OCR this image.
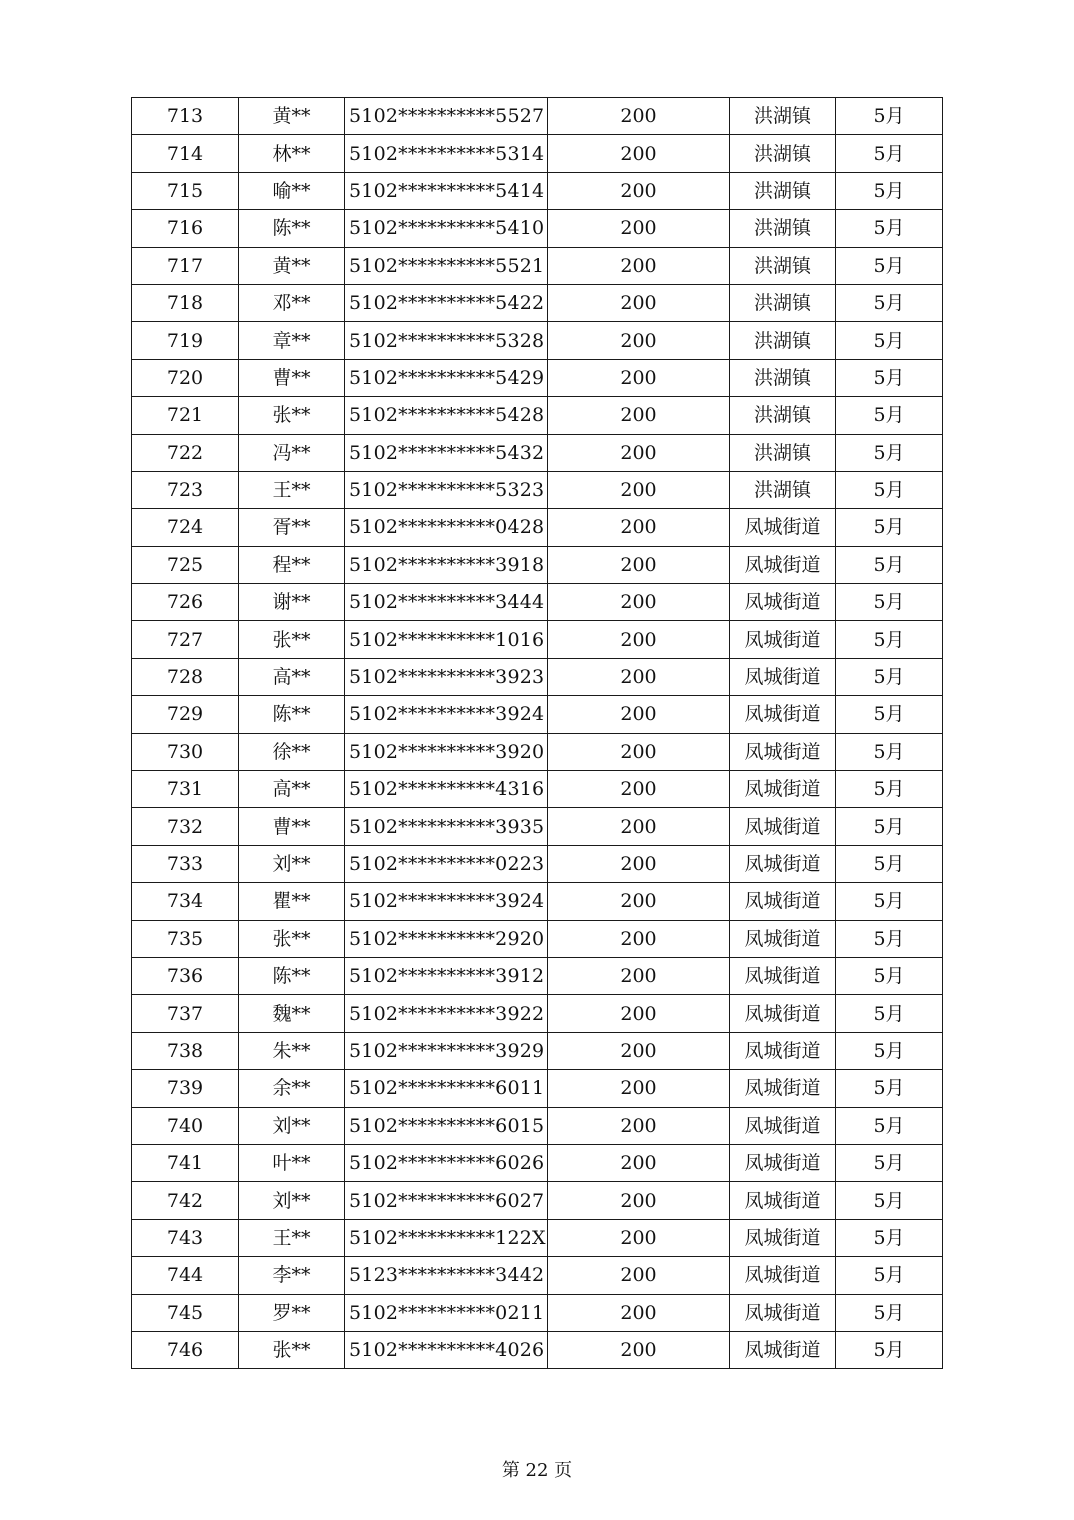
713	黄**	5102**********5527	200	洪湖镇	5月
714	林**	5102**********5314	200	洪湖镇	5月
715	喻**	5102**********5414	200	洪湖镇	5月
716	陈**	5102**********5410	200	洪湖镇	5月
717	黄**	5102**********5521	200	洪湖镇	5月
718	邓**	5102**********5422	200	洪湖镇	5月
719	章**	5102**********5328	200	洪湖镇	5月
720	曹**	5102**********5429	200	洪湖镇	5月
721	张**	5102**********5428	200	洪湖镇	5月
722	冯**	5102**********5432	200	洪湖镇	5月
723	王**	5102**********5323	200	洪湖镇	5月
724	胥**	5102**********0428	200	凤城街道	5月
725	程**	5102**********3918	200	凤城街道	5月
726	谢**	5102**********3444	200	凤城街道	5月
727	张**	5102**********1016	200	凤城街道	5月
728	高**	5102**********3923	200	凤城街道	5月
729	陈**	5102**********3924	200	凤城街道	5月
730	徐**	5102**********3920	200	凤城街道	5月
731	高**	5102**********4316	200	凤城街道	5月
732	曹**	5102**********3935	200	凤城街道	5月
733	刘**	5102**********0223	200	凤城街道	5月
734	瞿**	5102**********3924	200	凤城街道	5月
735	张**	5102**********2920	200	凤城街道	5月
736	陈**	5102**********3912	200	凤城街道	5月
737	魏**	5102**********3922	200	凤城街道	5月
738	朱**	5102**********3929	200	凤城街道	5月
739	余**	5102**********6011	200	凤城街道	5月
740	刘**	5102**********6015	200	凤城街道	5月
741	叶**	5102**********6026	200	凤城街道	5月
742	刘**	5102**********6027	200	凤城街道	5月
743	王**	5102**********122X	200	凤城街道	5月
744	李**	5123**********3442	200	凤城街道	5月
745	罗**	5102**********0211	200	凤城街道	5月
746	张**	5102**********4026	200	凤城街道	5月
第 22 页
